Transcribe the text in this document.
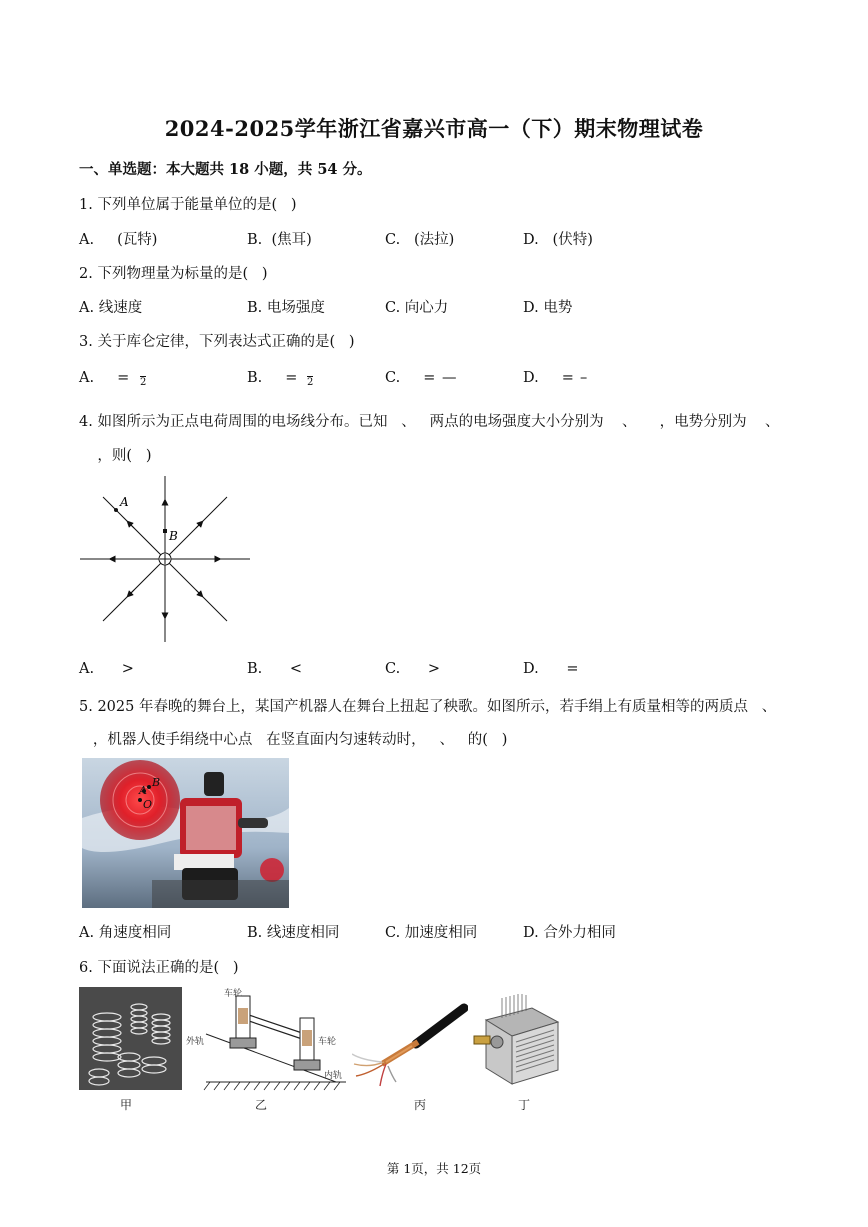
2024-2025学年浙江省嘉兴市高一（下）期末物理试卷
一、单选题：本大题共 18 小题，共 54 分。
1. 下列单位属于能量单位的是(   )
A.     (瓦特)	B.  (焦耳)	C.   (法拉)	D.   (伏特)
2. 下列物理量为标量的是(   )
A. 线速度	B. 电场强度	C. 向心力	D. 电势
3. 关于库仑定律，下列表达式正确的是(   )
A.     = 2	B.     = 2	C.     = —	D.     = –
4. 如图所示为正点电荷周围的电场线分布。已知   、   两点的电场强度大小分别为    、     ，电势分别为    、
，则(   )
A
B
A.      >	B.      <	C.      >	D.      =
5. 2025 年春晚的舞台上，某国产机器人在舞台上扭起了秧歌。如图所示，若手绢上有质量相等的两质点   、
，机器人使手绢绕中心点   在竖直面内匀速转动时，   、   的(   )
B
A
O
A. 角速度相同	B. 线速度相同	C. 加速度相同	D. 合外力相同
6. 下面说法正确的是(   )
甲
车轮
外轨	车轮
内轨
乙	丙	丁
第 1页，共 12页
